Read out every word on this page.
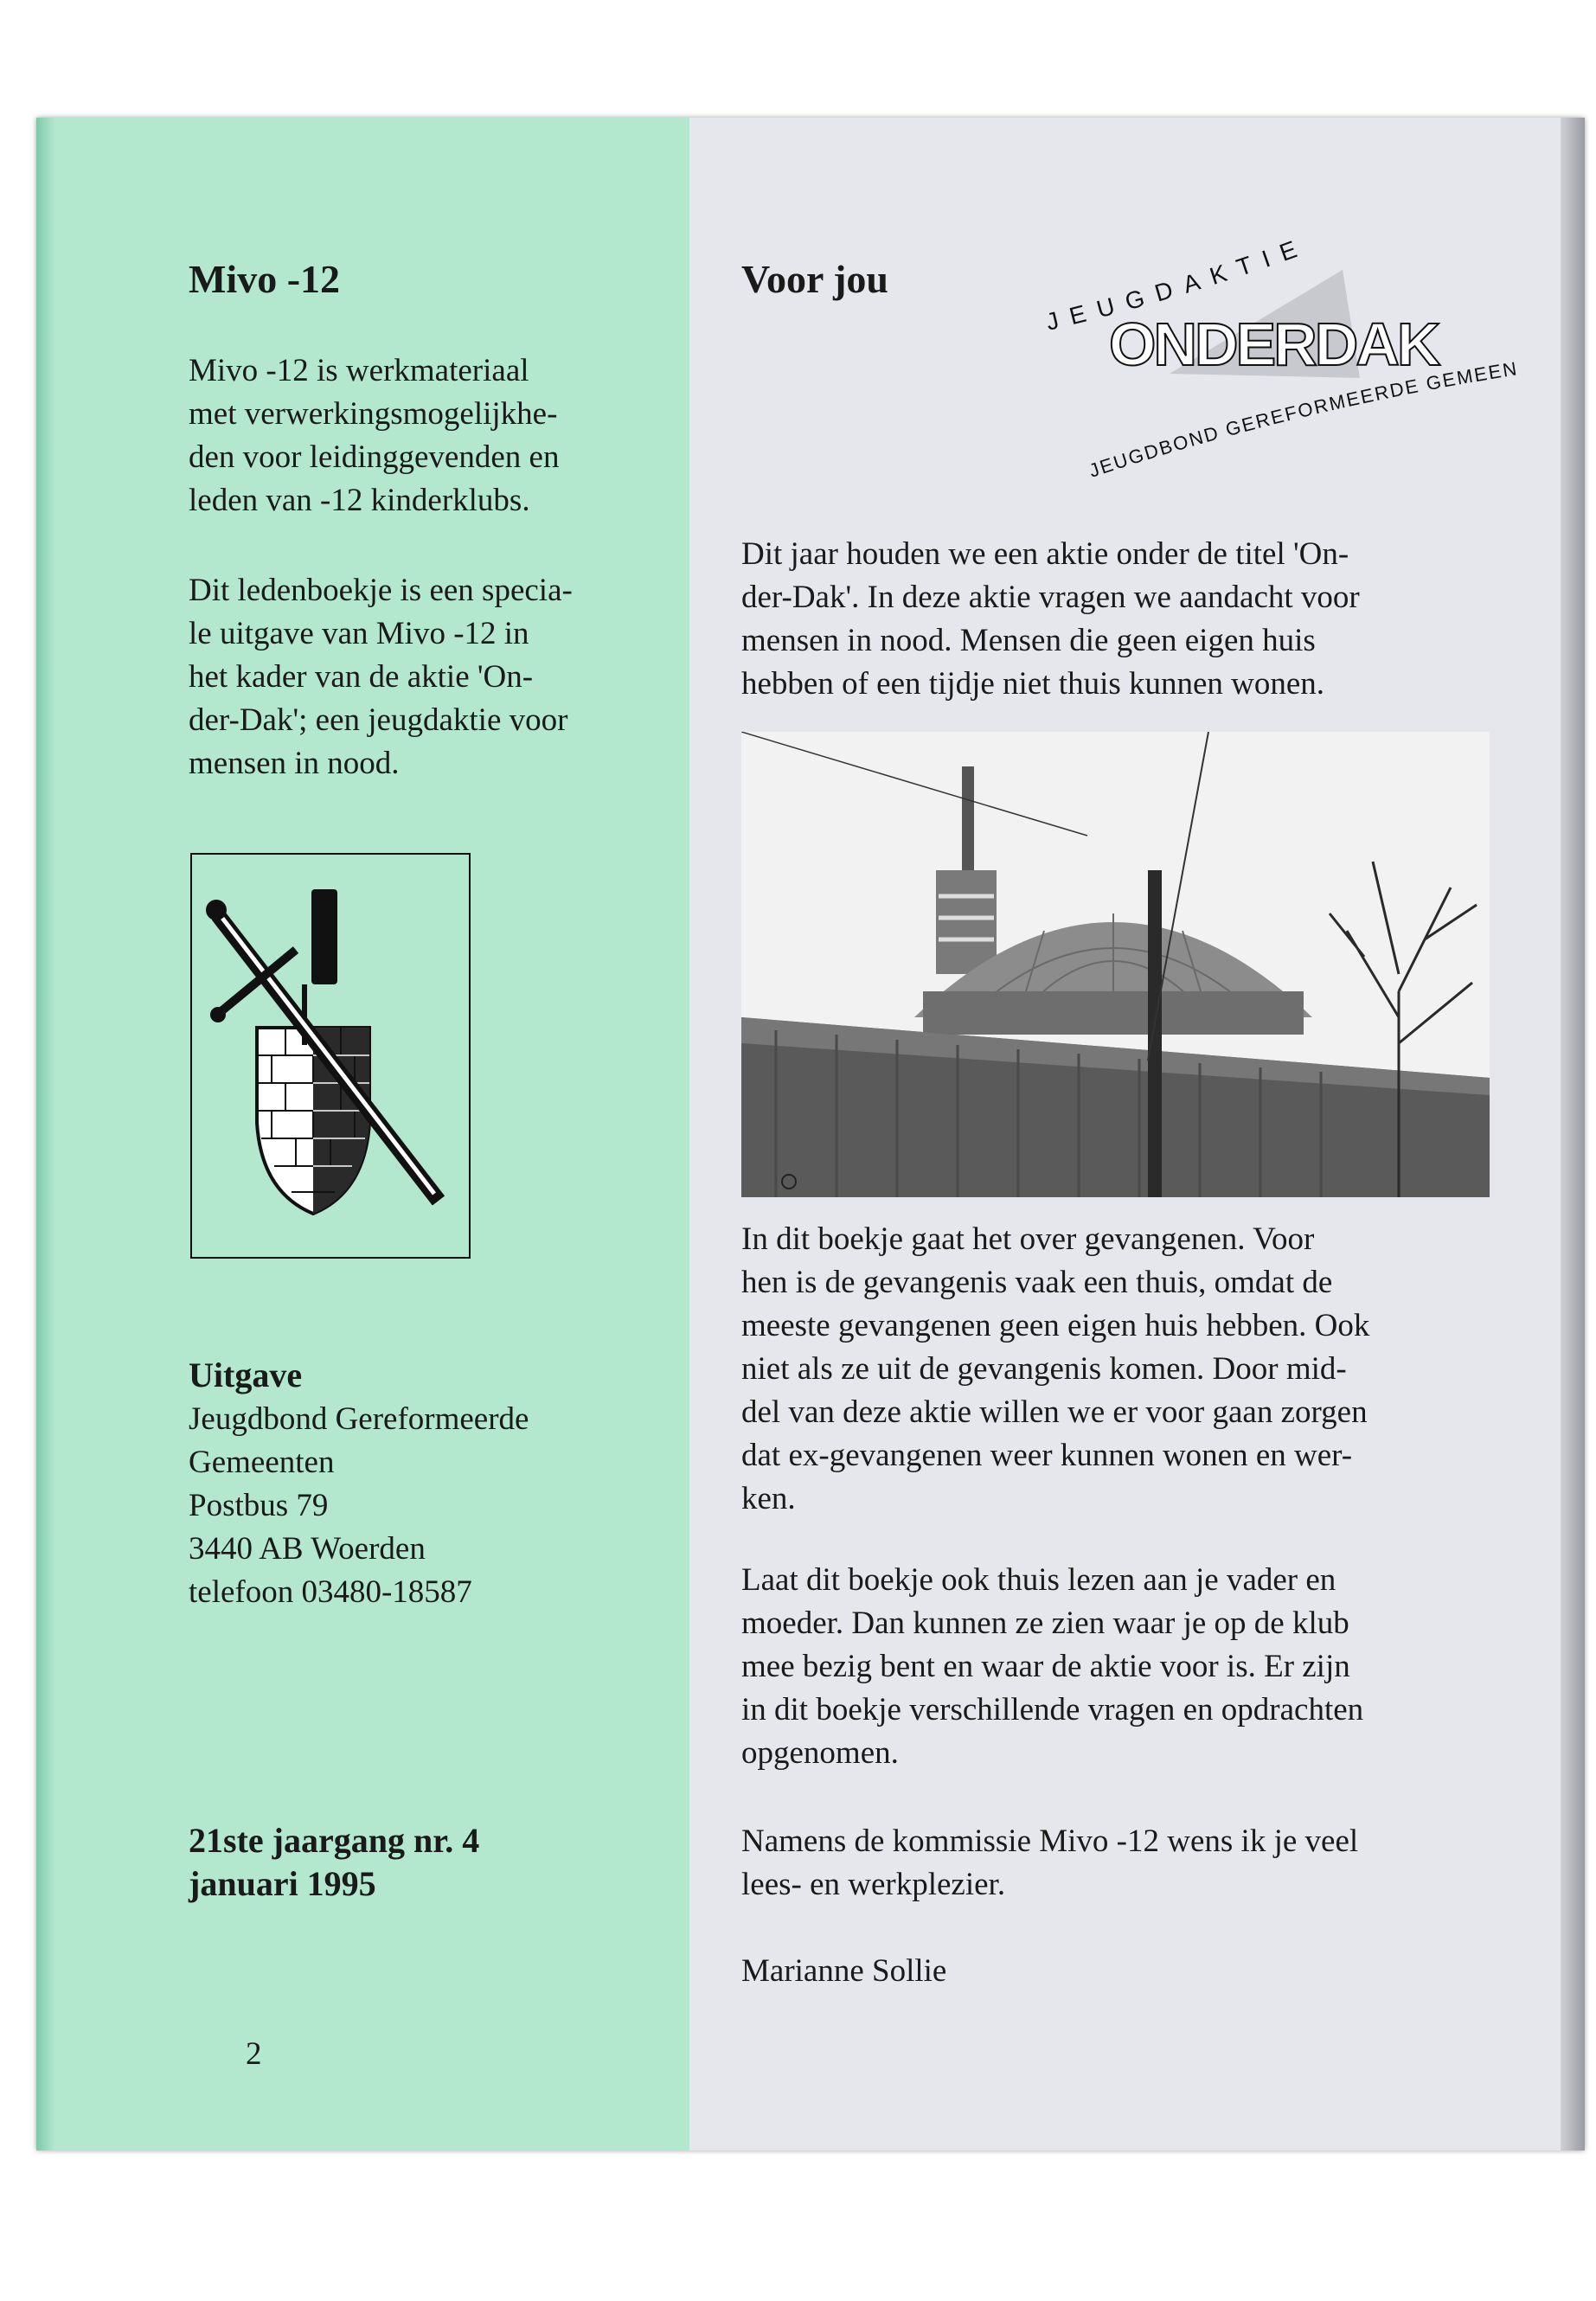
Mivo -12

Mivo -12 is werkmateriaal

met verwerkingsmogelijkhe-

den voor leidinggevenden en

leden van -12 kinderklubs.

Dit ledenboekje is een specia-

le uitgave van Mivo -12 in

het kader van de aktie 'On-

der-Dak'; een jeugdaktie voor

mensen in nood.

Uitgave

Jeugdbond Gereformeerde

Gemeenten

Postbus 79

3440 AB Woerden

telefoon 03480-18587

21ste jaargang nr. 4
januari 1995
2
Voor jou
JEUGDAKTIE
ONDERDAK
JEUGDBOND GEREFORMEERDE GEMEEN

Dit jaar houden we een aktie onder de titel 'On-

der-Dak'. In deze aktie vragen we aandacht voor

mensen in nood. Mensen die geen eigen huis

hebben of een tijdje niet thuis kunnen wonen.

In dit boekje gaat het over gevangenen. Voor

hen is de gevangenis vaak een thuis, omdat de

meeste gevangenen geen eigen huis hebben. Ook

niet als ze uit de gevangenis komen. Door mid-

del van deze aktie willen we er voor gaan zorgen

dat ex-gevangenen weer kunnen wonen en wer-

ken.

Laat dit boekje ook thuis lezen aan je vader en

moeder. Dan kunnen ze zien waar je op de klub

mee bezig bent en waar de aktie voor is. Er zijn

in dit boekje verschillende vragen en opdrachten

opgenomen.

Namens de kommissie Mivo -12 wens ik je veel

lees- en werkplezier.

Marianne Sollie
